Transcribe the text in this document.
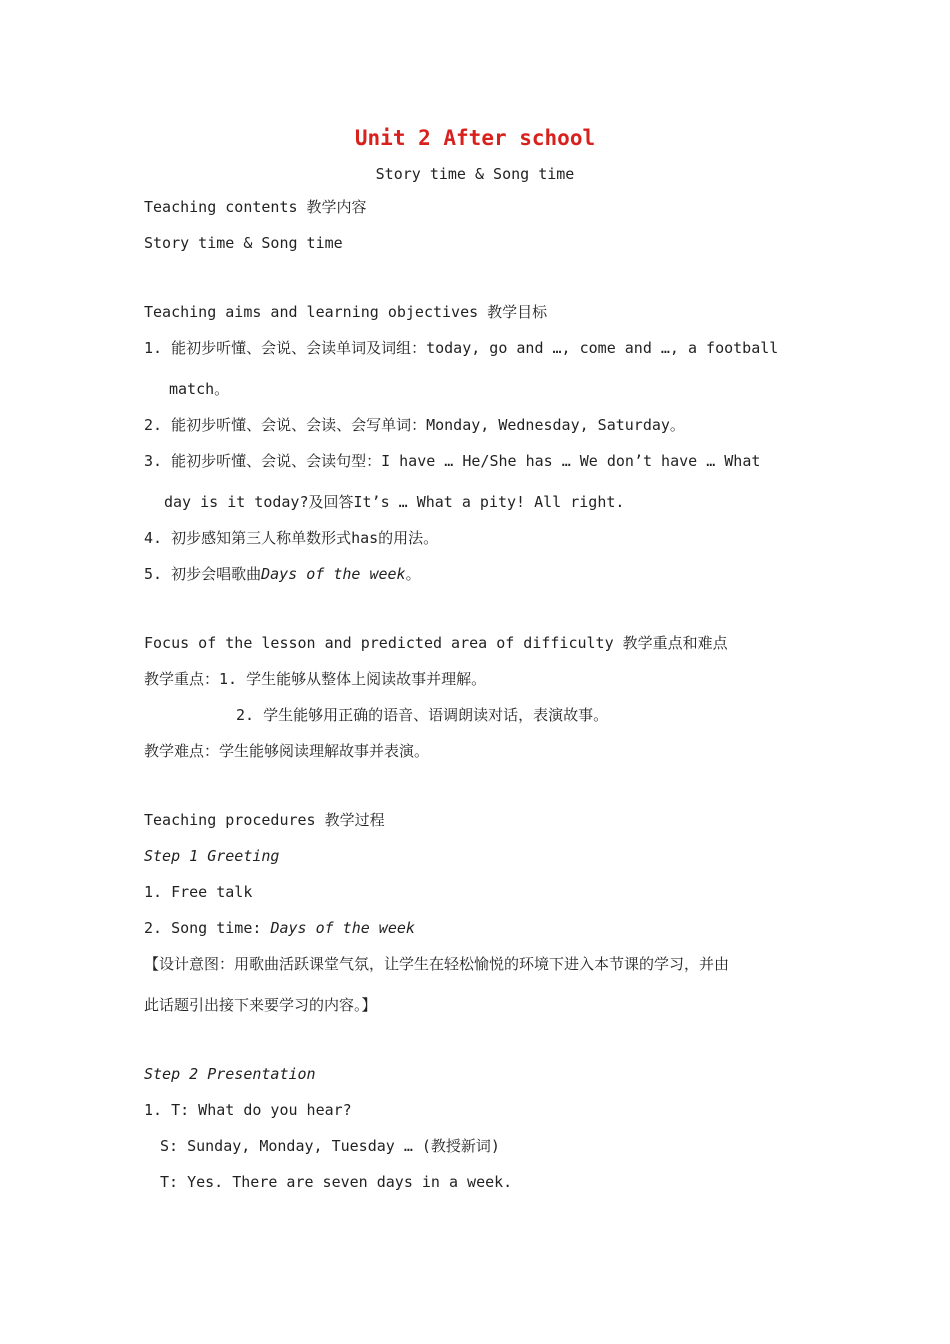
Unit 2 After school
Story time & Song time
Teaching contents 教学内容
Story time & Song time
Teaching aims and learning objectives 教学目标
1. 能初步听懂、会说、会读单词及词组：today, go and …, come and …, a football
match。
2. 能初步听懂、会说、会读、会写单词：Monday, Wednesday, Saturday。
3. 能初步听懂、会说、会读句型：I have … He/She has … We don’t have … What
day is it today?及回答It’s … What a pity! All right.
4. 初步感知第三人称单数形式has的用法。
5. 初步会唱歌曲Days of the week。
Focus of the lesson and predicted area of difficulty 教学重点和难点
教学重点：1. 学生能够从整体上阅读故事并理解。
2. 学生能够用正确的语音、语调朗读对话，表演故事。
教学难点：学生能够阅读理解故事并表演。
Teaching procedures 教学过程
Step 1 Greeting
1. Free talk
2. Song time: Days of the week
【设计意图：用歌曲活跃课堂气氛，让学生在轻松愉悦的环境下进入本节课的学习，并由
此话题引出接下来要学习的内容。】
Step 2 Presentation
1. T: What do you hear?
S: Sunday, Monday, Tuesday … (教授新词)
T: Yes. There are seven days in a week.
